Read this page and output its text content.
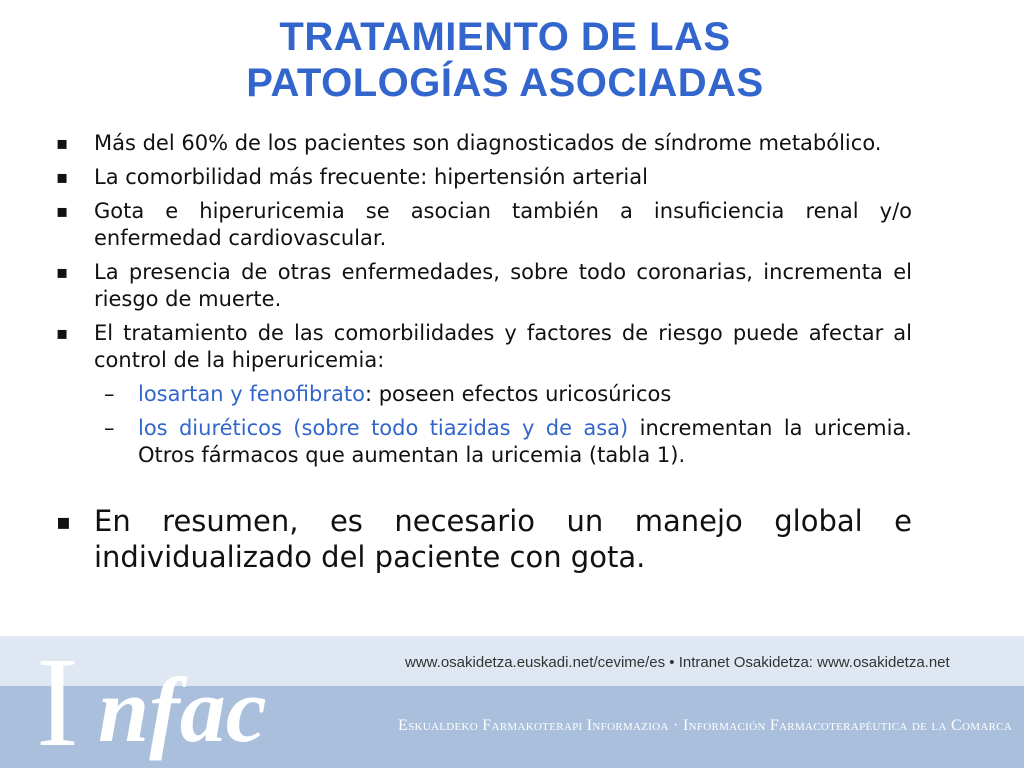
TRATAMIENTO DE LAS
PATOLOGÍAS ASOCIADAS
▪ Más del 60% de los pacientes son diagnosticados de síndrome metabólico.
▪ La comorbilidad más frecuente: hipertensión arterial
▪ Gota e hiperuricemia se asocian también a insuficiencia renal y/o enfermedad cardiovascular.
▪ La presencia de otras enfermedades, sobre todo coronarias, incrementa el riesgo de muerte.
▪ El tratamiento de las comorbilidades y factores de riesgo puede afectar al control de la hiperuricemia:
– losartan y fenofibrato: poseen efectos uricosúricos
– los diuréticos (sobre todo tiazidas y de asa) incrementan la uricemia. Otros fármacos que aumentan la uricemia (tabla 1).
▪ En resumen, es necesario un manejo global e individualizado del paciente con gota.
I nfac	www.osakidetza.euskadi.net/cevime/es • Intranet Osakidetza: www.osakidetza.net
Eskualdeko Farmakoterapi Informazioa · Información Farmacoterapéutica de la Comarca
